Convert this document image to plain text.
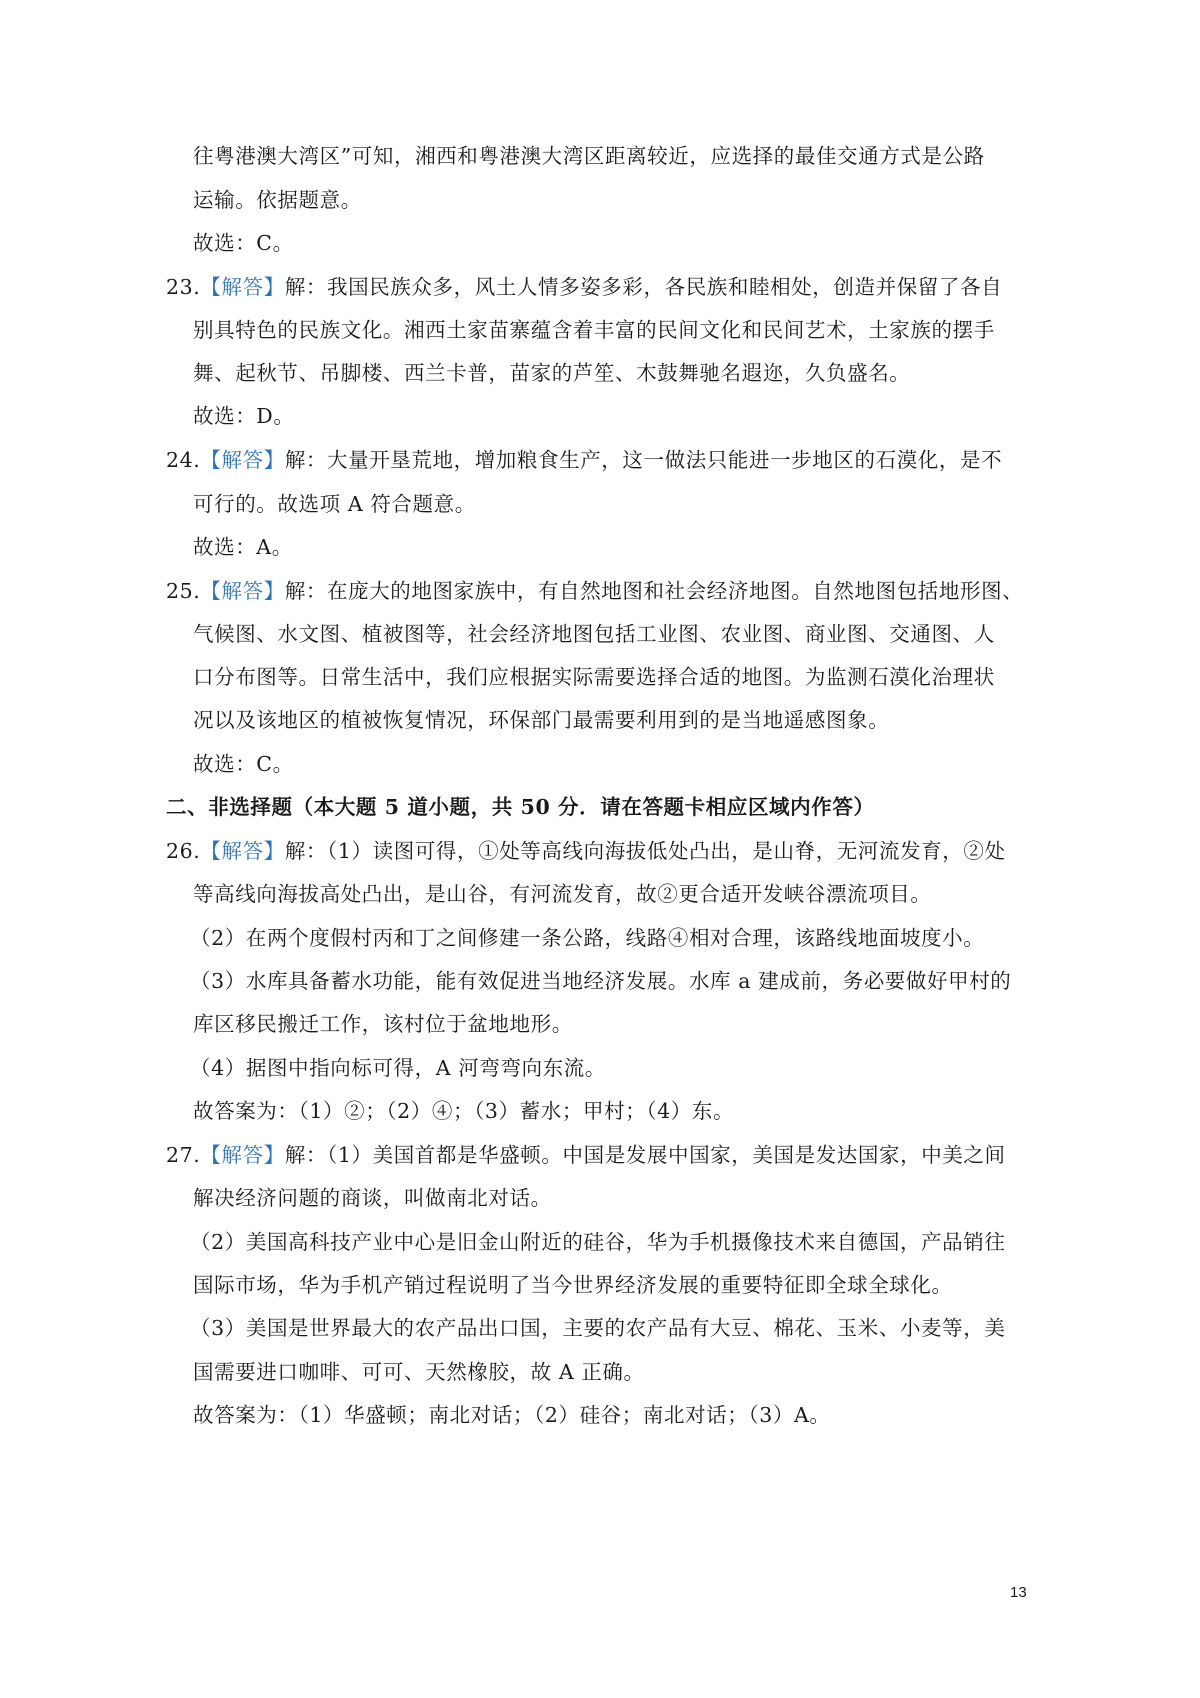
往粤港澳大湾区”可知，湘西和粤港澳大湾区距离较近，应选择的最佳交通方式是公路

运输。依据题意。

故选：C。

23.【解答】解：我国民族众多，风土人情多姿多彩，各民族和睦相处，创造并保留了各自

别具特色的民族文化。湘西土家苗寨蕴含着丰富的民间文化和民间艺术，土家族的摆手

舞、起秋节、吊脚楼、西兰卡普，苗家的芦笙、木鼓舞驰名遐迩，久负盛名。

故选：D。

24.【解答】解：大量开垦荒地，增加粮食生产，这一做法只能进一步地区的石漠化，是不

可行的。故选项 A 符合题意。

故选：A。

25.【解答】解：在庞大的地图家族中，有自然地图和社会经济地图。自然地图包括地形图、

气候图、水文图、植被图等，社会经济地图包括工业图、农业图、商业图、交通图、人

口分布图等。日常生活中，我们应根据实际需要选择合适的地图。为监测石漠化治理状

况以及该地区的植被恢复情况，环保部门最需要利用到的是当地遥感图象。

故选：C。

二、非选择题（本大题 5 道小题，共 50 分．请在答题卡相应区域内作答）

26.【解答】解：（1）读图可得，①处等高线向海拔低处凸出，是山脊，无河流发育，②处

等高线向海拔高处凸出，是山谷，有河流发育，故②更合适开发峡谷漂流项目。

（2）在两个度假村丙和丁之间修建一条公路，线路④相对合理，该路线地面坡度小。

（3）水库具备蓄水功能，能有效促进当地经济发展。水库 a 建成前，务必要做好甲村的

库区移民搬迁工作，该村位于盆地地形。

（4）据图中指向标可得，A 河弯弯向东流。

故答案为：（1）②；（2）④；（3）蓄水；甲村；（4）东。

27.【解答】解：（1）美国首都是华盛顿。中国是发展中国家，美国是发达国家，中美之间

解决经济问题的商谈，叫做南北对话。

（2）美国高科技产业中心是旧金山附近的硅谷，华为手机摄像技术来自德国，产品销往

国际市场，华为手机产销过程说明了当今世界经济发展的重要特征即全球全球化。

（3）美国是世界最大的农产品出口国，主要的农产品有大豆、棉花、玉米、小麦等，美

国需要进口咖啡、可可、天然橡胶，故 A 正确。

故答案为：（1）华盛顿；南北对话；（2）硅谷；南北对话；（3）A。

13
